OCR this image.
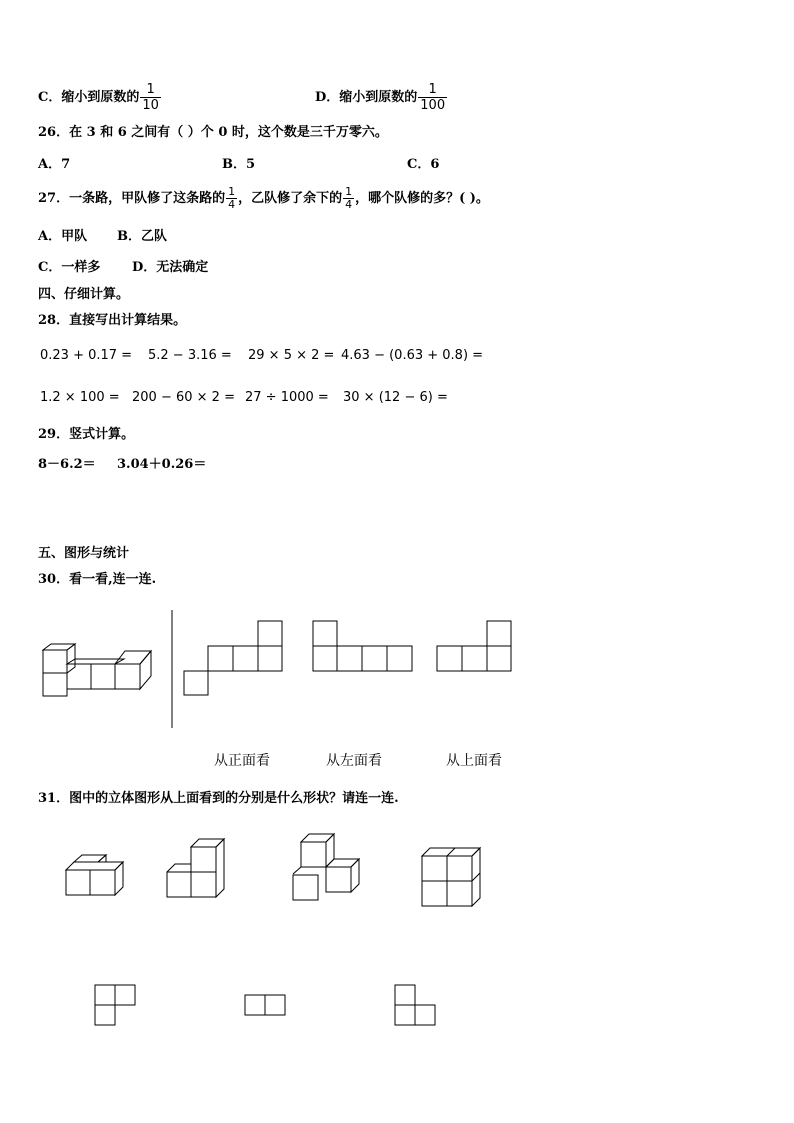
C．缩小到原数的 $\frac{1}{10}$	D．缩小到原数的 $\frac{1}{100}$
26．在 3 和 6 之间有（ ）个 0 时，这个数是三千万零六。
A．7	B．5	C．6
27．一条路，甲队修了这条路的 $\frac{1}{4}$ ，乙队修了余下的 $\frac{1}{4}$ ，哪个队修的多？( )。
A．甲队 B．乙队
C．一样多 D．无法确定
四、仔细计算。
28．直接写出计算结果。
0.23 + 0.17 = 5.2 − 3.16 = 29 × 5 × 2 = 4.63 − (0.63 + 0.8) =
1.2 × 100 = 200 − 60 × 2 = 27 ÷ 1000 = 30 × (12 − 6) =
29．竖式计算。
8－6.2＝ 3.04＋0.26＝
五、图形与统计
30．看一看,连一连.
从正面看	从左面看	从上面看
31．图中的立体图形从上面看到的分别是什么形状？请连一连.
